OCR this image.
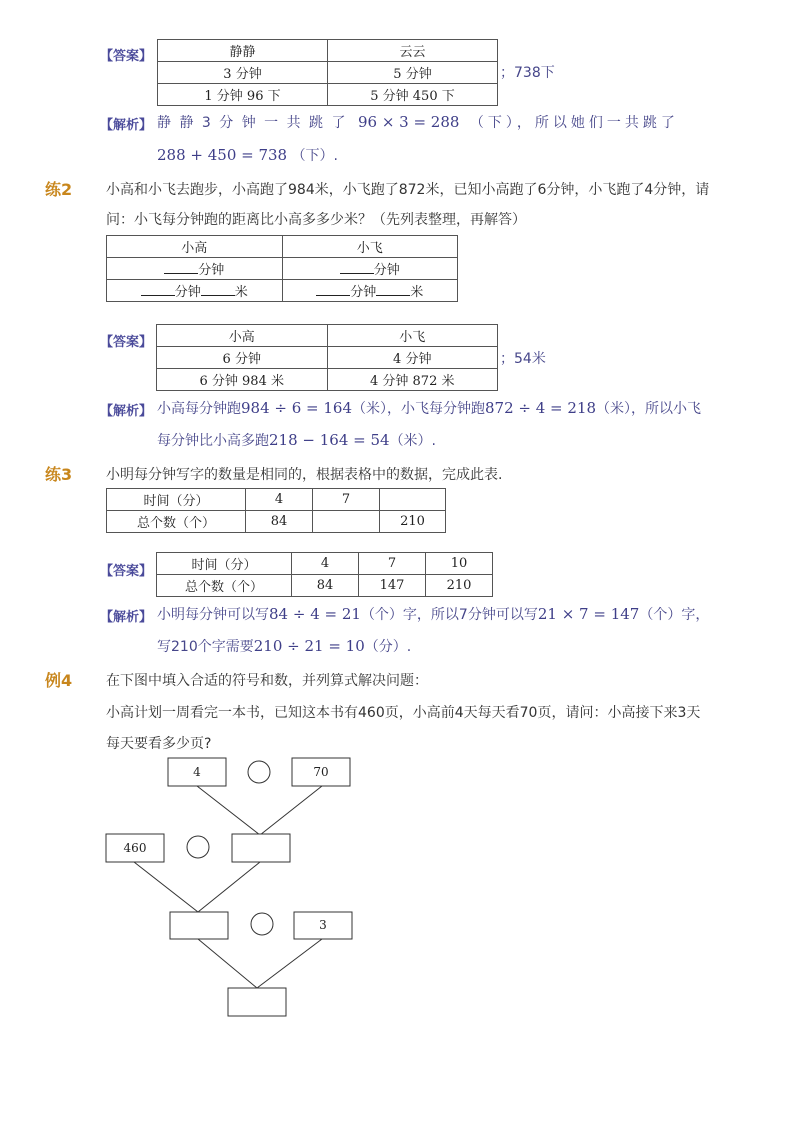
【答案】	静静	云云
3 分钟	5 分钟
1 分钟 96 下	5 分钟 450 下
；738下
【解析】 静 静 3 分 钟 一 共 跳 了 96 × 3 = 288 （下），所以她们一共跳了
288 + 450 = 738 （下）.
练2 小高和小飞去跑步，小高跑了984米，小飞跑了872米，已知小高跑了6分钟，小飞跑了4分钟，请
问：小飞每分钟跑的距离比小高多多少米？（先列表整理，再解答）
小高	小飞
分钟	分钟
分钟 米	分钟 米
【答案】	小高	小飞
6 分钟	4 分钟
6 分钟 984 米	4 分钟 872 米
；54米
【解析】 小高每分钟跑984 ÷ 6 = 164（米），小飞每分钟跑872 ÷ 4 = 218（米），所以小飞
每分钟比小高多跑218 − 164 = 54（米）.
练3 小明每分钟写字的数量是相同的，根据表格中的数据，完成此表.
时间（分）	4	7	
总个数（个）	84		210
【答案】	时间（分）	4	7	10
总个数（个）	84	147	210
【解析】 小明每分钟可以写84 ÷ 4 = 21（个）字，所以7分钟可以写21 × 7 = 147（个）字，
写210个字需要210 ÷ 21 = 10（分）.
例4 在下图中填入合适的符号和数，并列算式解决问题：
小高计划一周看完一本书，已知这本书有460页，小高前4天每天看70页，请问：小高接下来3天
每天要看多少页?
4	70
460
3
